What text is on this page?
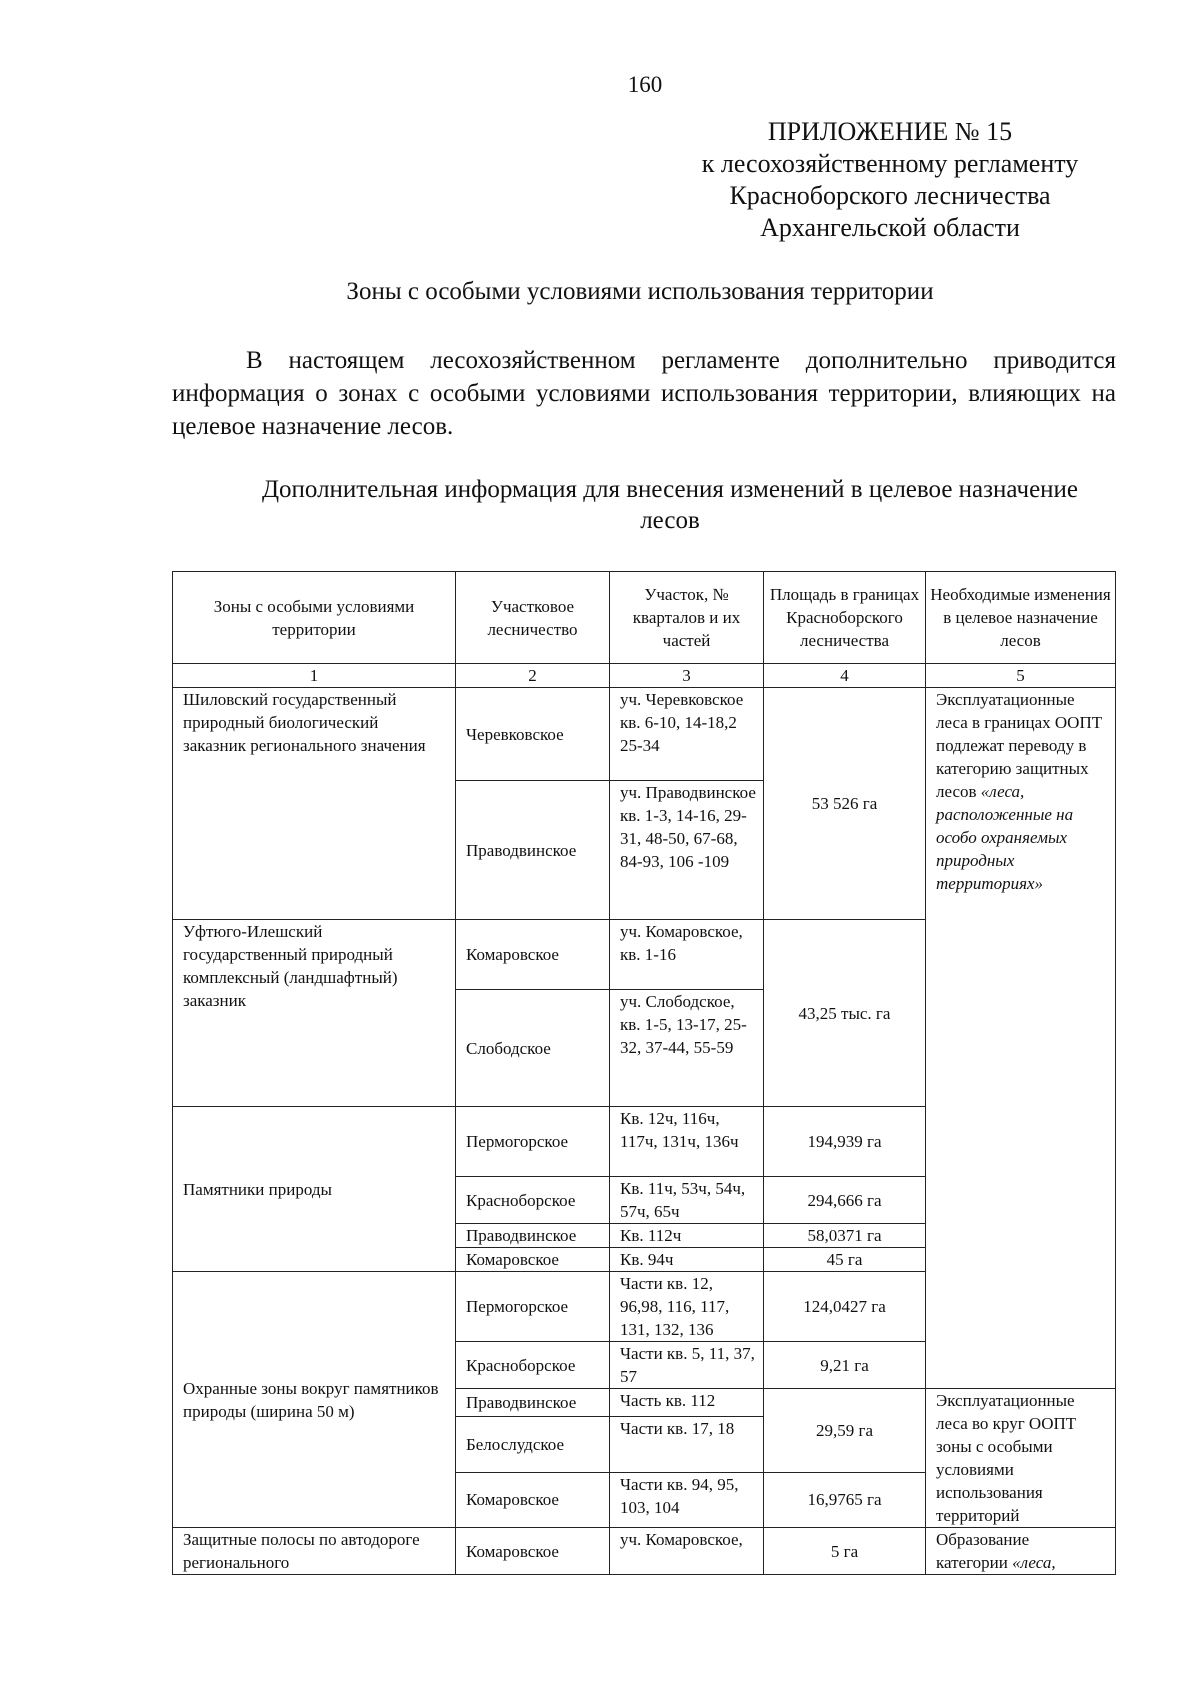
160
ПРИЛОЖЕНИЕ № 15
к лесохозяйственному регламенту
Красноборского лесничества
Архангельской области
Зоны с особыми условиями использования территории
В настоящем лесохозяйственном регламенте дополнительно приводится информация о зонах с особыми условиями использования территории, влияющих на целевое назначение лесов.
Дополнительная информация для внесения изменений в целевое назначение лесов
Зоны с особыми условиями территории	Участковое лесничество	Участок, № кварталов и их частей	Площадь в границах Красноборского лесничества	Необходимые изменения в целевое назначение лесов
1	2	3	4	5
Шиловский государственный природный биологический заказник регионального значения	Черевковское	уч. Черевковское кв. 6-10, 14-18,2 25-34	53 526 га	Эксплуатационные леса в границах ООПТ подлежат переводу в категорию защитных лесов «леса, расположенные на особо охраняемых природных территориях»
	Праводвинское	уч. Праводвинское кв. 1-3, 14-16, 29-31, 48-50, 67-68, 84-93, 106 -109		
Уфтюго-Илешский государственный природный комплексный (ландшафтный) заказник	Комаровское	уч. Комаровское, кв. 1-16	43,25 тыс. га	
	Слободское	уч. Слободское, кв. 1-5, 13-17, 25-32, 37-44, 55-59		
Памятники природы	Пермогорское	Кв. 12ч, 116ч, 117ч, 131ч, 136ч	194,939 га	
	Красноборское	Кв. 11ч, 53ч, 54ч, 57ч, 65ч	294,666 га	
	Праводвинское	Кв. 112ч	58,0371 га	
	Комаровское	Кв. 94ч	45 га	
Охранные зоны вокруг памятников природы (ширина 50 м)	Пермогорское	Части кв. 12, 96,98, 116, 117, 131, 132, 136	124,0427 га	
	Красноборское	Части кв. 5, 11, 37, 57	9,21 га	
	Праводвинское	Часть кв. 112	29,59 га	Эксплуатационные леса во круг ООПТ зоны с особыми условиями использования территорий
	Белослудское	Части кв. 17, 18		
	Комаровское	Части кв. 94, 95, 103, 104	16,9765 га	
Защитные полосы по автодороге регионального	Комаровское	уч. Комаровское,	5 га	Образование категории «леса,
